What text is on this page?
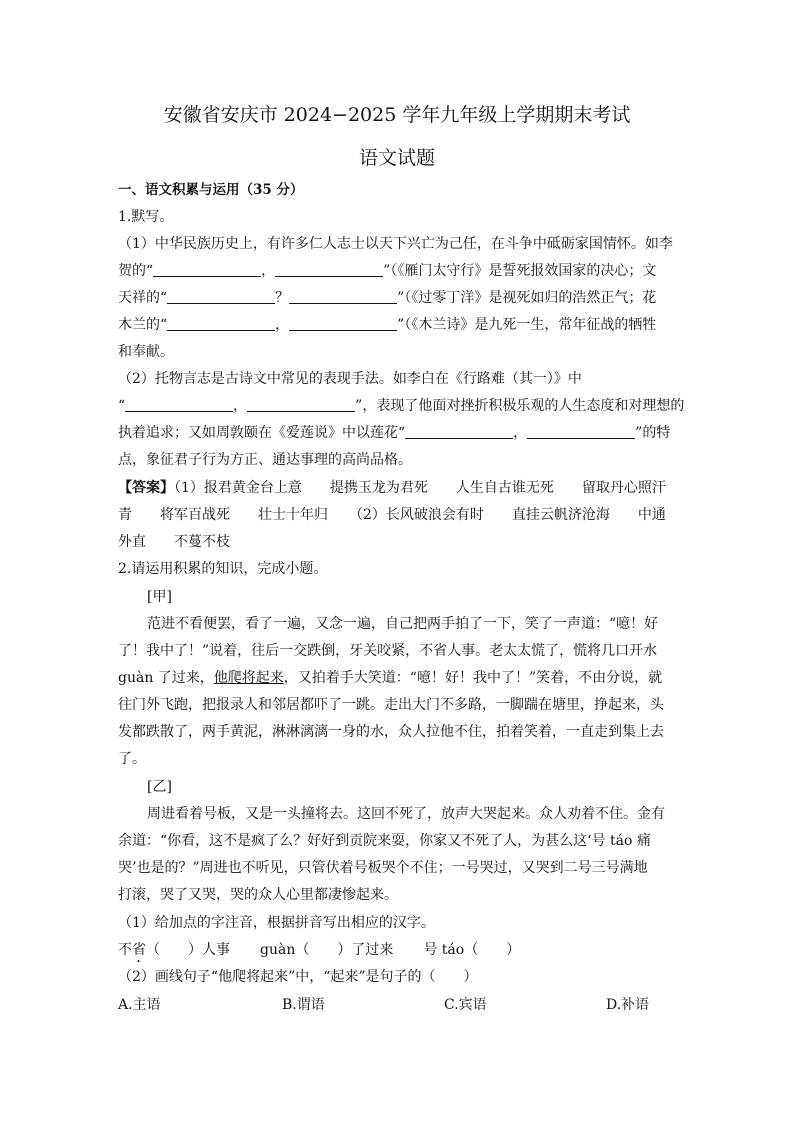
安徽省安庆市 2024−2025 学年九年级上学期期末考试
语文试题
一、语文积累与运用（35 分）
1.默写。
（1）中华民族历史上，有许多仁人志士以天下兴亡为己任，在斗争中砥砺家国情怀。如李
贺的“	，	”（《雁门太守行》是誓死报效国家的决心；文
天祥的“	？	”（《过零丁洋》是视死如归的浩然正气；花
木兰的“	，	”（《木兰诗》是九死一生，常年征战的牺牲
和奉献。
（2）托物言志是古诗文中常见的表现手法。如李白在《行路难（其一）》中
“	，	”，表现了他面对挫折积极乐观的人生态度和对理想的
执着追求；又如周敦颐在《爱莲说》中以莲花“	，	”的特
点，象征君子行为方正、通达事理的高尚品格。
【答案】（1）报君黄金台上意　　提携玉龙为君死　　人生自古谁无死　　留取丹心照汗
青　　将军百战死　　壮士十年归　　（2）长风破浪会有时　　直挂云帆济沧海　　中通
外直　　不蔓不枝
2.请运用积累的知识，完成小题。
[甲]
范进不看便罢，看了一遍，又念一遍，自己把两手拍了一下，笑了一声道：“噫！好
了！我中了！”说着，往后一交跌倒，牙关咬紧，不省人事。老太太慌了，慌将几口开水
guàn 了过来，他爬将起来，又拍着手大笑道：“噫！好！我中了！”笑着，不由分说，就
往门外飞跑，把报录人和邻居都吓了一跳。走出大门不多路，一脚踹在塘里，挣起来，头
发都跌散了，两手黄泥，淋淋漓漓一身的水，众人拉他不住，拍着笑着，一直走到集上去
了。
[乙]
周进看着号板，又是一头撞将去。这回不死了，放声大哭起来。众人劝着不住。金有
余道：“你看，这不是疯了么？好好到贡院来耍，你家又不死了人，为甚么这‘号 táo 痛
哭’也是的？”周进也不听见，只管伏着号板哭个不住；一号哭过，又哭到二号三号满地
打滚，哭了又哭，哭的众人心里都凄惨起来。
（1）给加点的字注音，根据拼音写出相应的汉字。
不省（　　）人事 guàn（　　）了过来 号 táo（　　）
（2）画线句子“他爬将起来”中，“起来”是句子的（　　）
A.主语	B.谓语	C.宾语	D.补语
